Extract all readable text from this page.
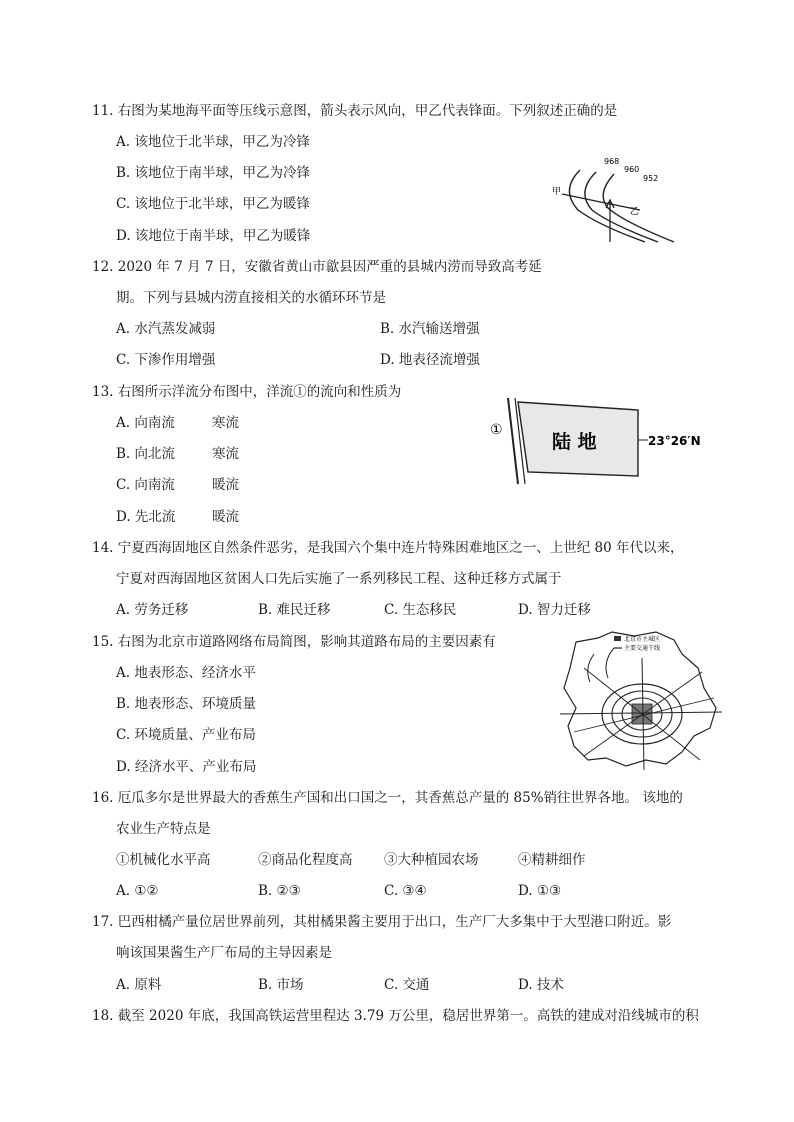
11. 右图为某地海平面等压线示意图，箭头表示风向，甲乙代表锋面。下列叙述正确的是
A. 该地位于北半球，甲乙为冷锋
B. 该地位于南半球，甲乙为冷锋
C. 该地位于北半球，甲乙为暖锋
D. 该地位于南半球，甲乙为暖锋
968
960
952
甲
乙
12. 2020 年 7 月 7 日，安徽省黄山市歙县因严重的县城内涝而导致高考延
期。下列与县城内涝直接相关的水循环环节是
A. 水汽蒸发减弱	B. 水汽输送增强
C. 下渗作用增强	D. 地表径流增强
13. 右图所示洋流分布图中，洋流①的流向和性质为
A. 向南流	寒流
B. 向北流	寒流
C. 向南流	暖流
D. 先北流	暖流
①
陆 地	23°26′N
14. 宁夏西海固地区自然条件恶劣，是我国六个集中连片特殊困难地区之一、上世纪 80 年代以来，
宁夏对西海固地区贫困人口先后实施了一系列移民工程、这种迁移方式属于
A. 劳务迁移	B. 难民迁移	C. 生态移民	D. 智力迁移
15. 右图为北京市道路网络布局简图，影响其道路布局的主要因素有
A. 地表形态、经济水平
B. 地表形态、环境质量
C. 环境质量、产业布局
D. 经济水平、产业布局
北京市主城区
主要交通干线
16. 厄瓜多尔是世界最大的香蕉生产国和出口国之一，其香蕉总产量的 85%销往世界各地。 该地的
农业生产特点是
①机械化水平高	②商品化程度高 ③大种植园农场	④精耕细作
A. ①②	B. ②③	C. ③④	D. ①③
17. 巴西柑橘产量位居世界前列，其柑橘果酱主要用于出口，生产厂大多集中于大型港口附近。影
响该国果酱生产厂布局的主导因素是
A. 原料	B. 市场	C. 交通	D. 技术
18. 截至 2020 年底，我国高铁运营里程达 3.79 万公里，稳居世界第一。高铁的建成对沿线城市的积
